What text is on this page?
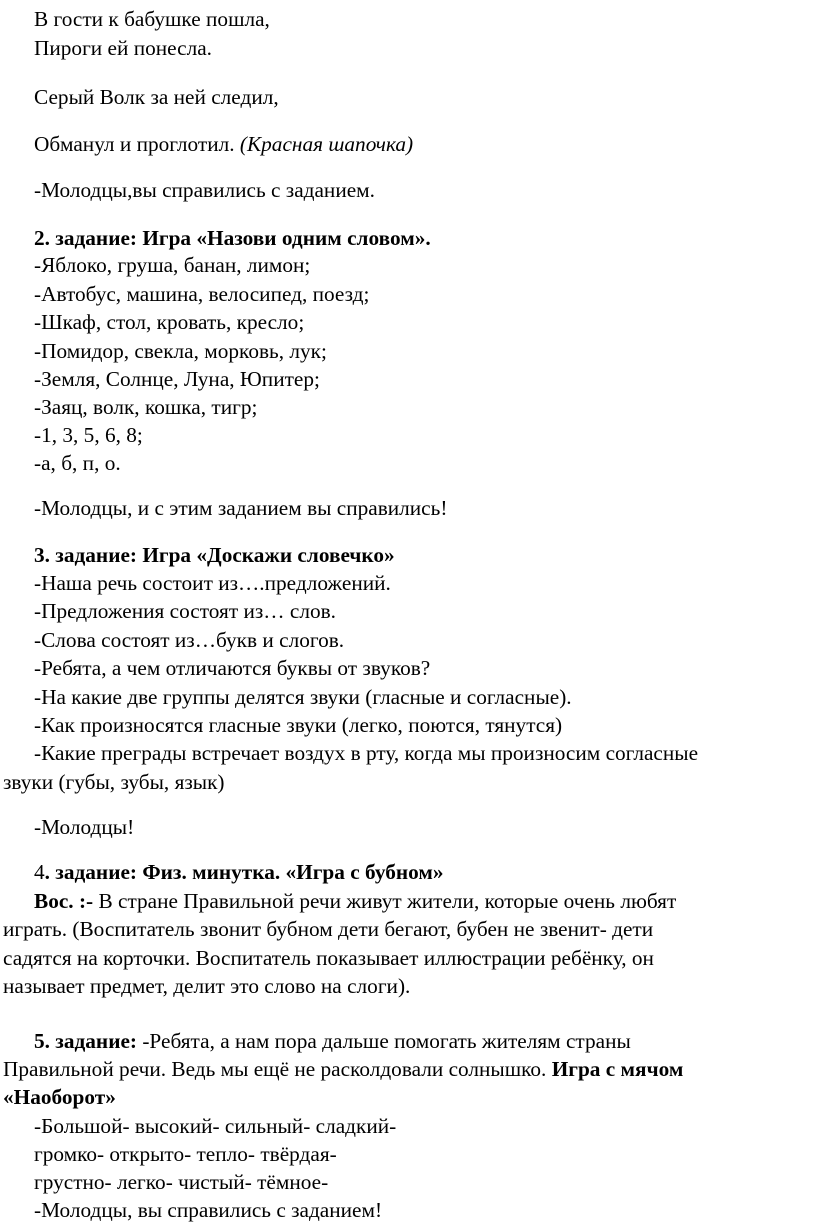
В гости к бабушке пошла,
Пироги ей понесла.
Серый Волк за ней следил,
Обманул и проглотил. (Красная шапочка)
-Молодцы,вы справились с заданием.
2. задание: Игра «Назови одним словом».
-Яблоко, груша, банан, лимон;
-Автобус, машина, велосипед, поезд;
-Шкаф, стол, кровать, кресло;
-Помидор, свекла, морковь, лук;
-Земля, Солнце, Луна, Юпитер;
-Заяц, волк, кошка, тигр;
-1, 3, 5, 6, 8;
-а, б, п, о.
-Молодцы, и с этим заданием вы справились!
3. задание: Игра «Доскажи словечко»
-Наша речь состоит из….предложений.
-Предложения состоят из… слов.
-Слова состоят из…букв и слогов.
-Ребята, а чем отличаются буквы от звуков?
-На какие две группы делятся звуки (гласные и согласные).
-Как произносятся гласные звуки (легко, поются, тянутся)
-Какие преграды встречает воздух в рту, когда мы произносим согласные
звуки (губы, зубы, язык)
-Молодцы!
4. задание: Физ. минутка. «Игра с бубном»
Вос. :- В стране Правильной речи живут жители, которые очень любят
играть. (Воспитатель звонит бубном дети бегают, бубен не звенит- дети
садятся на корточки. Воспитатель показывает иллюстрации ребёнку, он
называет предмет, делит это слово на слоги).
5. задание: -Ребята, а нам пора дальше помогать жителям страны
Правильной речи. Ведь мы ещё не расколдовали солнышко. Игра с мячом
«Наоборот»
-Большой- высокий- сильный- сладкий-
громко- открыто- тепло- твёрдая-
грустно- легко- чистый- тёмное-
-Молодцы, вы справились с заданием!
